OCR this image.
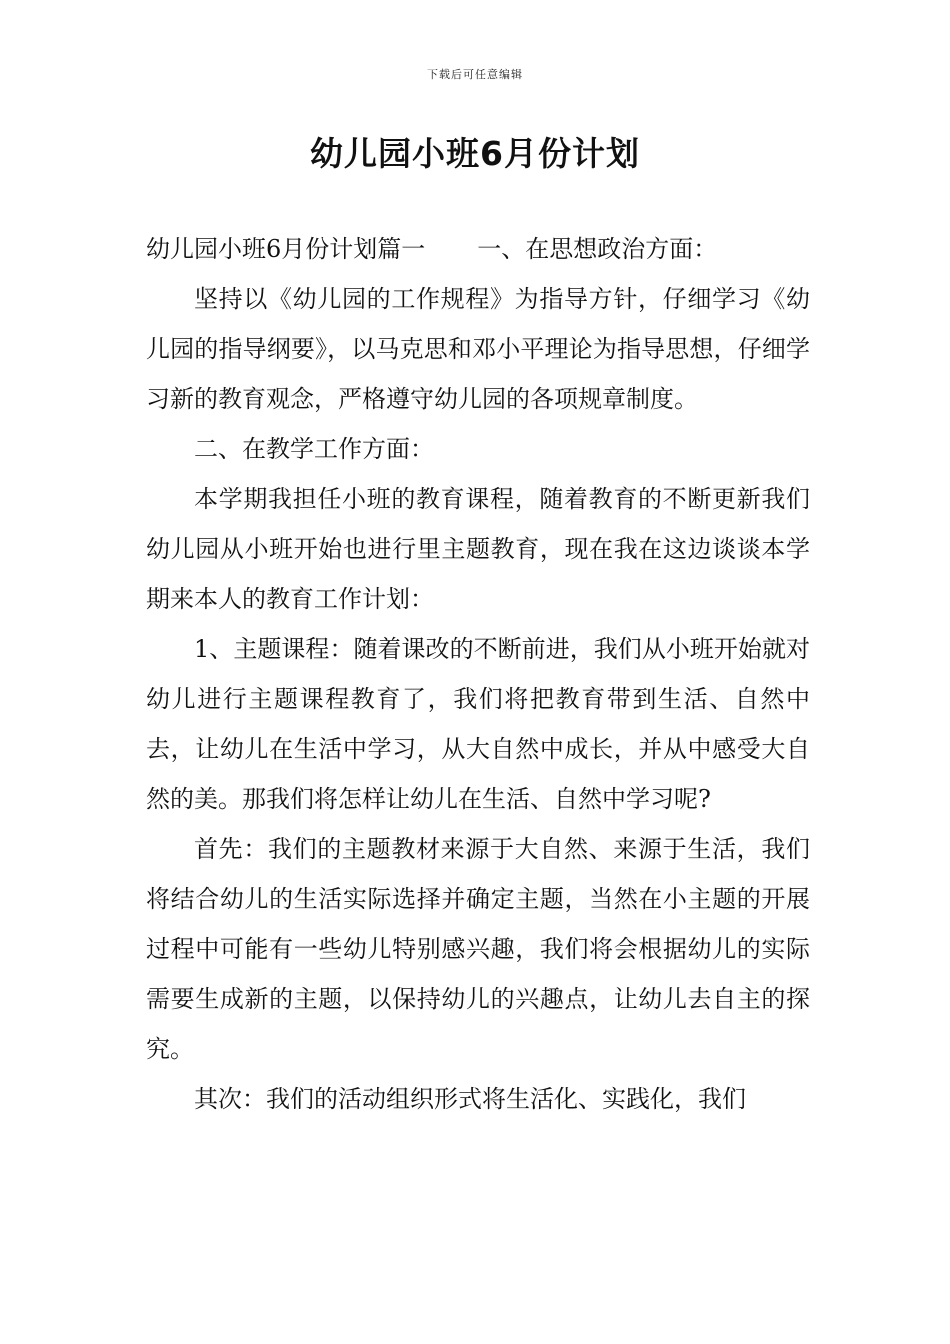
下载后可任意编辑
幼儿园小班6月份计划

幼儿园小班6月份计划篇一 一、在思想政治方面：

坚持以《幼儿园的工作规程》为指导方针，仔细学习《幼儿园的指导纲要》，以马克思和邓小平理论为指导思想，仔细学习新的教育观念，严格遵守幼儿园的各项规章制度。

二、在教学工作方面：

本学期我担任小班的教育课程，随着教育的不断更新我们幼儿园从小班开始也进行里主题教育，现在我在这边谈谈本学期来本人的教育工作计划：

1、主题课程：随着课改的不断前进，我们从小班开始就对幼儿进行主题课程教育了，我们将把教育带到生活、自然中去，让幼儿在生活中学习，从大自然中成长，并从中感受大自然的美。那我们将怎样让幼儿在生活、自然中学习呢?

首先：我们的主题教材来源于大自然、来源于生活，我们将结合幼儿的生活实际选择并确定主题，当然在小主题的开展过程中可能有一些幼儿特别感兴趣，我们将会根据幼儿的实际需要生成新的主题，以保持幼儿的兴趣点，让幼儿去自主的探究。

其次：我们的活动组织形式将生活化、实践化，我们
